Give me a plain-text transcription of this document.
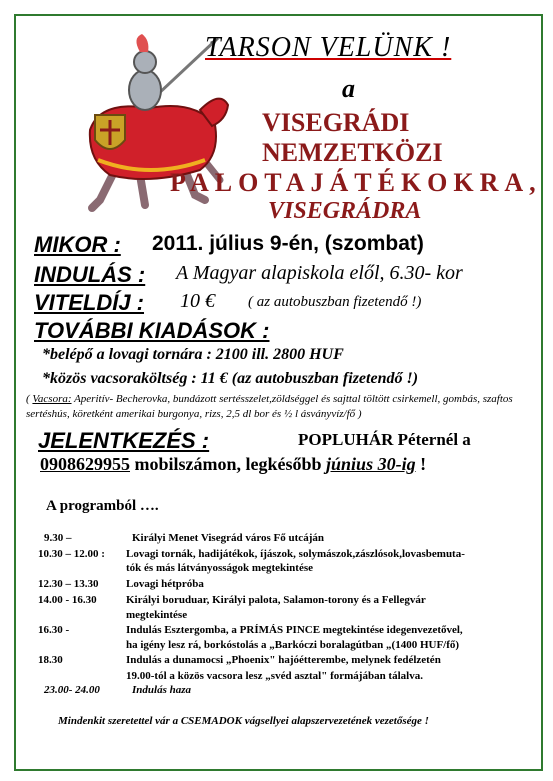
TARSON VELÜNK !
a
VISEGRÁDI
NEMZETKÖZI
PALOTAJÁTÉKOKRA,
VISEGRÁDRA
MIKOR : 2011. július 9-én, (szombat)
INDULÁS : A Magyar alapiskola elől, 6.30- kor
VITELDÍJ : 10 € ( az autobuszban fizetendő !)
TOVÁBBI KIADÁSOK :
*belépő a lovagi tornára : 2100 ill. 2800 HUF
*közös vacsoraköltség : 11 € (az autobuszban fizetendő !)
( Vacsora: Aperitív- Becherovka, bundázott sertésszelet,zöldséggel és sajttal töltött csirkemell, gombás, szaftos sertéshús, köretként amerikai burgonya, rizs, 2,5 dl bor és ½ l ásványvíz/fő )
JELENTKEZÉS :	POPLUHÁR Péternél a
0908629955 mobilszámon, legkésőbb június 30-ig !
A programból ….
9.30 –	Királyi Menet Visegrád város Fő utcáján
10.30 – 12.00 :	Lovagi tornák, hadijátékok, íjászok, solymászok,zászlósok,lovasbemuta-
tók és más látványosságok megtekintése
12.30 – 13.30	Lovagi hétpróba
14.00 - 16.30	Királyi boruduar, Királyi palota, Salamon-torony és a Fellegvár
megtekintése
16.30 -	Indulás Esztergomba, a PRÍMÁS PINCE megtekintése idegenvezetővel,
ha igény lesz rá, borkóstolás a „Barkóczi boralagútban „(1400 HUF/fő)
18.30	Indulás a dunamocsi „Phoenix" hajóétterembe, melynek fedélzetén
19.00-tól a közös vacsora lesz „svéd asztal" formájában tálalva.
23.00- 24.00	Indulás haza
Mindenkit szeretettel vár a CSEMADOK vágsellyei alapszervezetének vezetősége !
